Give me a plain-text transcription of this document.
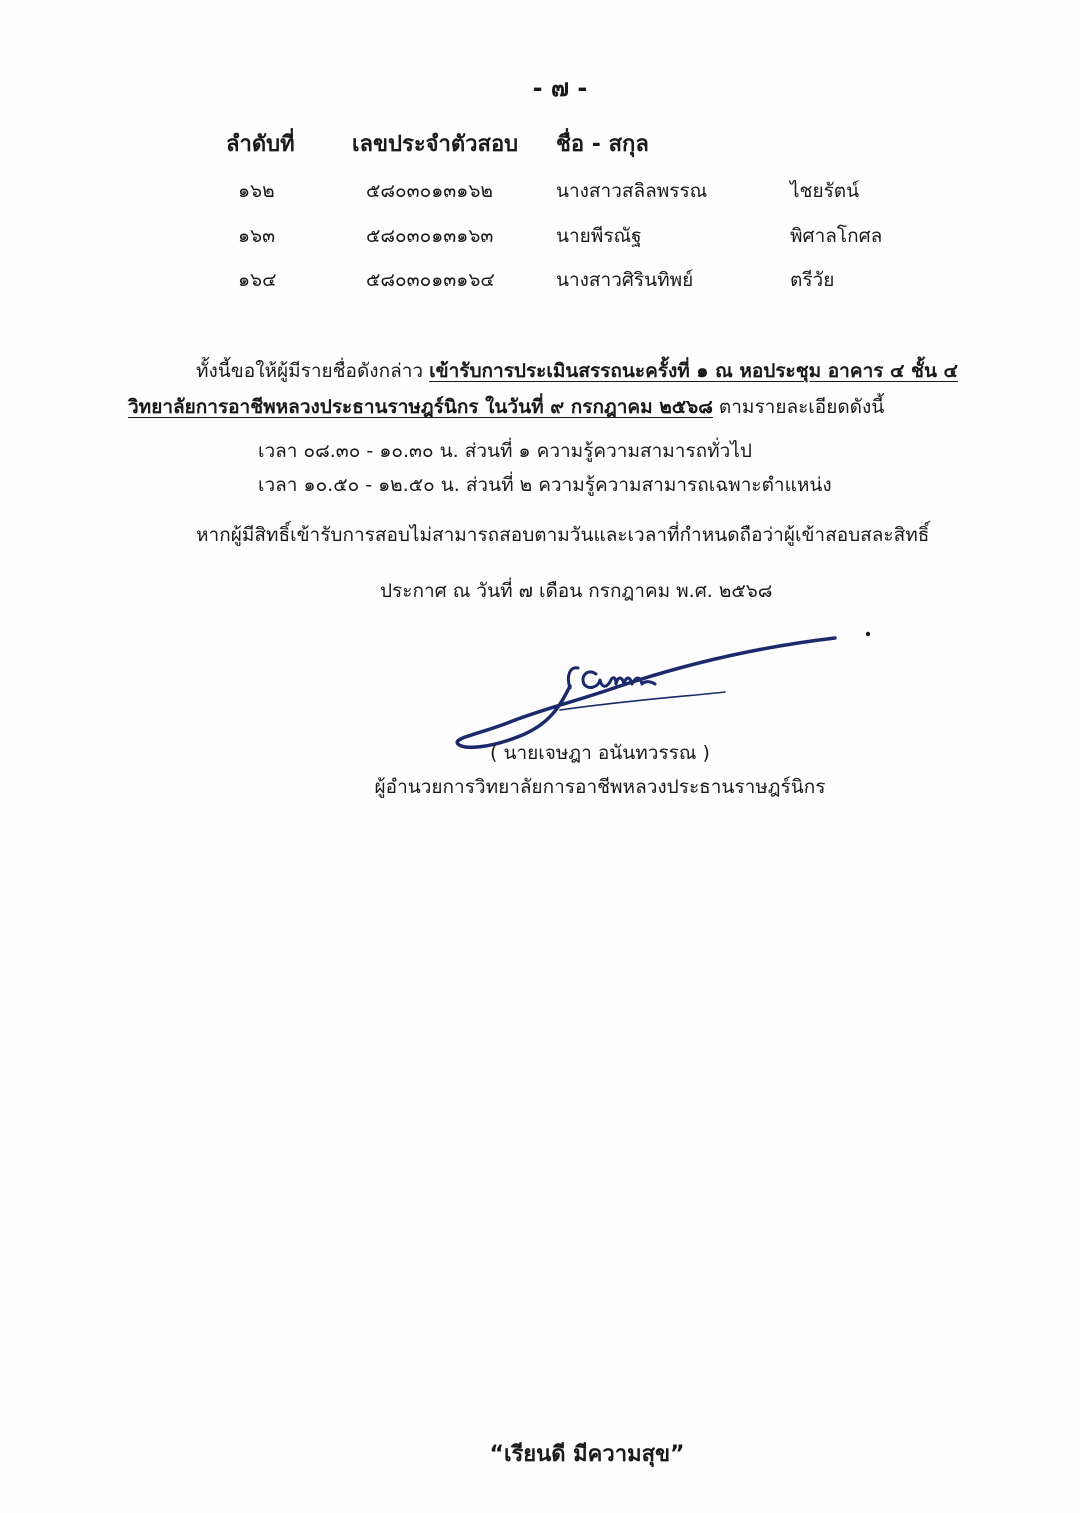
- ๗ -
ลำดับที่	เลขประจำตัวสอบ ชื่อ - สกุล
๑๖๒	๕๘๐๓๐๑๓๑๖๒	นางสาวสลิลพรรณ	ไชยรัตน์
๑๖๓	๕๘๐๓๐๑๓๑๖๓	นายพีรณัฐ	พิศาลโกศล
๑๖๔	๕๘๐๓๐๑๓๑๖๔	นางสาวศิรินทิพย์	ตรีวัย
ทั้งนี้ขอให้ผู้มีรายชื่อดังกล่าว เข้ารับการประเมินสรรถนะครั้งที่ ๑ ณ หอประชุม อาคาร ๔ ชั้น ๔
วิทยาลัยการอาชีพหลวงประธานราษฎร์นิกร ในวันที่ ๙ กรกฎาคม ๒๕๖๘ ตามรายละเอียดดังนี้
เวลา ๐๘.๓๐ - ๑๐.๓๐ น. ส่วนที่ ๑ ความรู้ความสามารถทั่วไป
เวลา ๑๐.๕๐ - ๑๒.๕๐ น. ส่วนที่ ๒ ความรู้ความสามารถเฉพาะตำแหน่ง
หากผู้มีสิทธิ์เข้ารับการสอบไม่สามารถสอบตามวันและเวลาที่กำหนดถือว่าผู้เข้าสอบสละสิทธิ์
ประกาศ ณ วันที่ ๗ เดือน กรกฎาคม พ.ศ. ๒๕๖๘
( นายเจษฎา อนันทวรรณ )
ผู้อำนวยการวิทยาลัยการอาชีพหลวงประธานราษฎร์นิกร
“เรียนดี มีความสุข”
